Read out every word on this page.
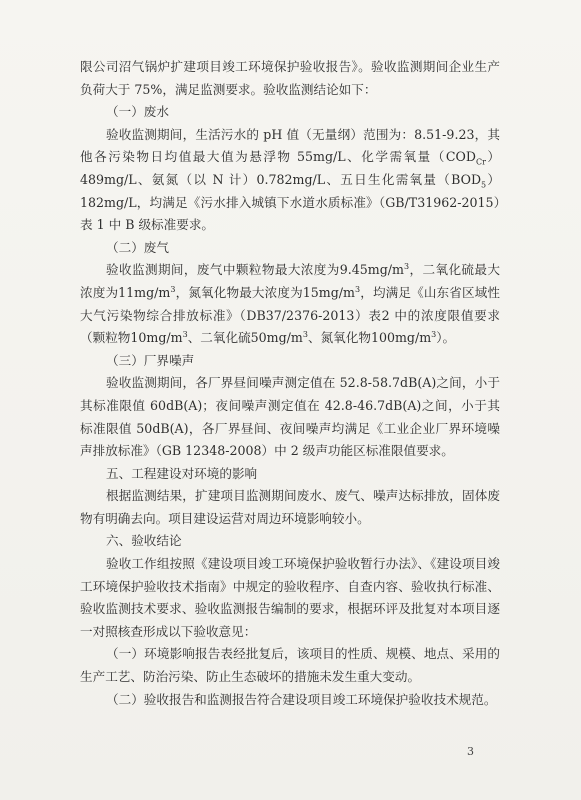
限公司沼气锅炉扩建项目竣工环境保护验收报告》。验收监测期间企业生产负荷大于 75%，满足监测要求。验收监测结论如下：

（一）废水

验收监测期间，生活污水的 pH 值（无量纲）范围为：8.51-9.23，其他各污染物日均值最大值为悬浮物 55mg/L、化学需氧量$(COD_{Cr})489mg/L$、氨氮（以 N 计）0.782mg/L、五日生化需氧量$(BOD_5)182mg/L$，均满足《污水排入城镇下水道水质标准》（GB/T31962-2015）表 1 中 B 级标准要求。

（二）废气

验收监测期间，废气中颗粒物最大浓度为$9.45mg/m^3$，二氧化硫最大浓度为$11mg/m^3$，氮氧化物最大浓度为$15mg/m^3$，均满足《山东省区域性大气污染物综合排放标准》（DB37/2376-2013）表2 中的浓度限值要求（颗粒物$10mg/m^3$、二氧化硫$50mg/m^3$、氮氧化物$100mg/m^3$）。

（三）厂界噪声

验收监测期间，各厂界昼间噪声测定值在 52.8-58.7dB(A)之间，小于其标准限值 60dB(A)；夜间噪声测定值在 42.8-46.7dB(A)之间，小于其标准限值 50dB(A)，各厂界昼间、夜间噪声均满足《工业企业厂界环境噪声排放标准》（GB 12348-2008）中 2 级声功能区标准限值要求。

五、工程建设对环境的影响

根据监测结果，扩建项目监测期间废水、废气、噪声达标排放，固体废物有明确去向。项目建设运营对周边环境影响较小。

六、验收结论

验收工作组按照《建设项目竣工环境保护验收暂行办法》、《建设项目竣工环境保护验收技术指南》中规定的验收程序、自查内容、验收执行标准、验收监测技术要求、验收监测报告编制的要求，根据环评及批复对本项目逐一对照核查形成以下验收意见：

（一）环境影响报告表经批复后，该项目的性质、规模、地点、采用的生产工艺、防治污染、防止生态破坏的措施未发生重大变动。

（二）验收报告和监测报告符合建设项目竣工环境保护验收技术规范。

3
